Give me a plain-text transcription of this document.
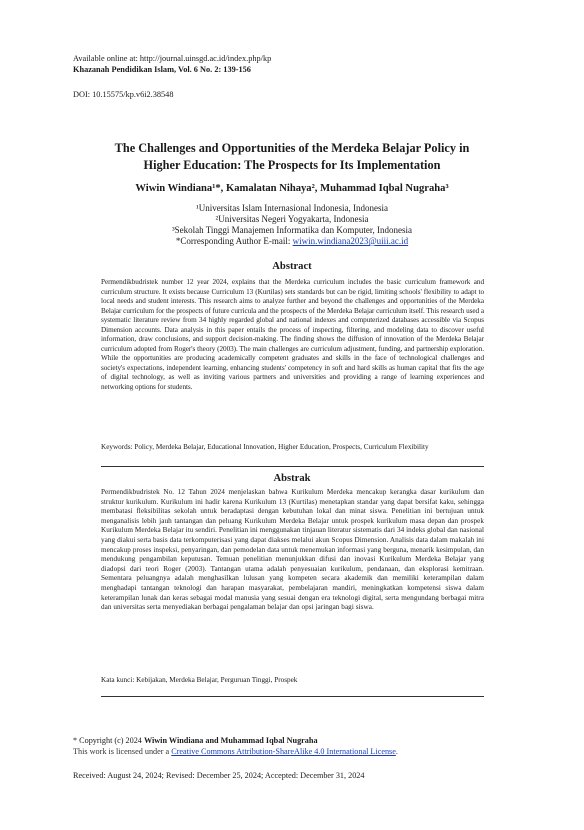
Available online at: http://journal.uinsgd.ac.id/index.php/kp
Khazanah Pendidikan Islam, Vol. 6 No. 2: 139-156
DOI: 10.15575/kp.v6i2.38548
The Challenges and Opportunities of the Merdeka Belajar Policy in
Higher Education: The Prospects for Its Implementation
Wiwin Windiana¹*, Kamalatan Nihaya², Muhammad Iqbal Nugraha³
¹Universitas Islam Internasional Indonesia, Indonesia
²Universitas Negeri Yogyakarta, Indonesia
³Sekolah Tinggi Manajemen Informatika dan Komputer, Indonesia
*Corresponding Author E-mail: wiwin.windiana2023@uiii.ac.id
Abstract
Permendikbudristek number 12 year 2024, explains that the Merdeka curriculum includes the basic curriculum framework and curriculum structure. It exists because Curriculum 13 (Kurtilas) sets standards but can be rigid, limiting schools' flexibility to adapt to local needs and student interests. This research aims to analyze further and beyond the challenges and opportunities of the Merdeka Belajar curriculum for the prospects of future curricula and the prospects of the Merdeka Belajar curriculum itself. This research used a systematic literature review from 34 highly regarded global and national indexes and computerized databases accessible via Scopus Dimension accounts. Data analysis in this paper entails the process of inspecting, filtering, and modeling data to discover useful information, draw conclusions, and support decision-making. The finding shows the diffusion of innovation of the Merdeka Belajar curriculum adopted from Roger's theory (2003). The main challenges are curriculum adjustment, funding, and partnership exploration. While the opportunities are producing academically competent graduates and skills in the face of technological challenges and society's expectations, independent learning, enhancing students' competency in soft and hard skills as human capital that fits the age of digital technology, as well as inviting various partners and universities and providing a range of learning experiences and networking options for students.
Keywords: Policy, Merdeka Belajar, Educational Innovation, Higher Education, Prospects, Curriculum Flexibility
Abstrak
Permendikbudristek No. 12 Tahun 2024 menjelaskan bahwa Kurikulum Merdeka mencakup kerangka dasar kurikulum dan struktur kurikulum. Kurikulum ini hadir karena Kurikulum 13 (Kurtilas) menetapkan standar yang dapat bersifat kaku, sehingga membatasi fleksibilitas sekolah untuk beradaptasi dengan kebutuhan lokal dan minat siswa. Penelitian ini bertujuan untuk menganalisis lebih jauh tantangan dan peluang Kurikulum Merdeka Belajar untuk prospek kurikulum masa depan dan prospek Kurikulum Merdeka Belajar itu sendiri. Penelitian ini menggunakan tinjauan literatur sistematis dari 34 indeks global dan nasional yang diakui serta basis data terkomputerisasi yang dapat diakses melalui akun Scopus Dimension. Analisis data dalam makalah ini mencakup proses inspeksi, penyaringan, dan pemodelan data untuk menemukan informasi yang berguna, menarik kesimpulan, dan mendukung pengambilan keputusan. Temuan penelitian menunjukkan difusi dan inovasi Kurikulum Merdeka Belajar yang diadopsi dari teori Roger (2003). Tantangan utama adalah penyesuaian kurikulum, pendanaan, dan eksplorasi kemitraan. Sementara peluangnya adalah menghasilkan lulusan yang kompeten secara akademik dan memiliki keterampilan dalam menghadapi tantangan teknologi dan harapan masyarakat, pembelajaran mandiri, meningkatkan kompetensi siswa dalam keterampilan lunak dan keras sebagai modal manusia yang sesuai dengan era teknologi digital, serta mengundang berbagai mitra dan universitas serta menyediakan berbagai pengalaman belajar dan opsi jaringan bagi siswa.
Kata kunci: Kebijakan, Merdeka Belajar, Perguruan Tinggi, Prospek
* Copyright (c) 2024 Wiwin Windiana and Muhammad Iqbal Nugraha
This work is licensed under a Creative Commons Attribution-ShareAlike 4.0 International License.
Received: August 24, 2024; Revised: December 25, 2024; Accepted: December 31, 2024
